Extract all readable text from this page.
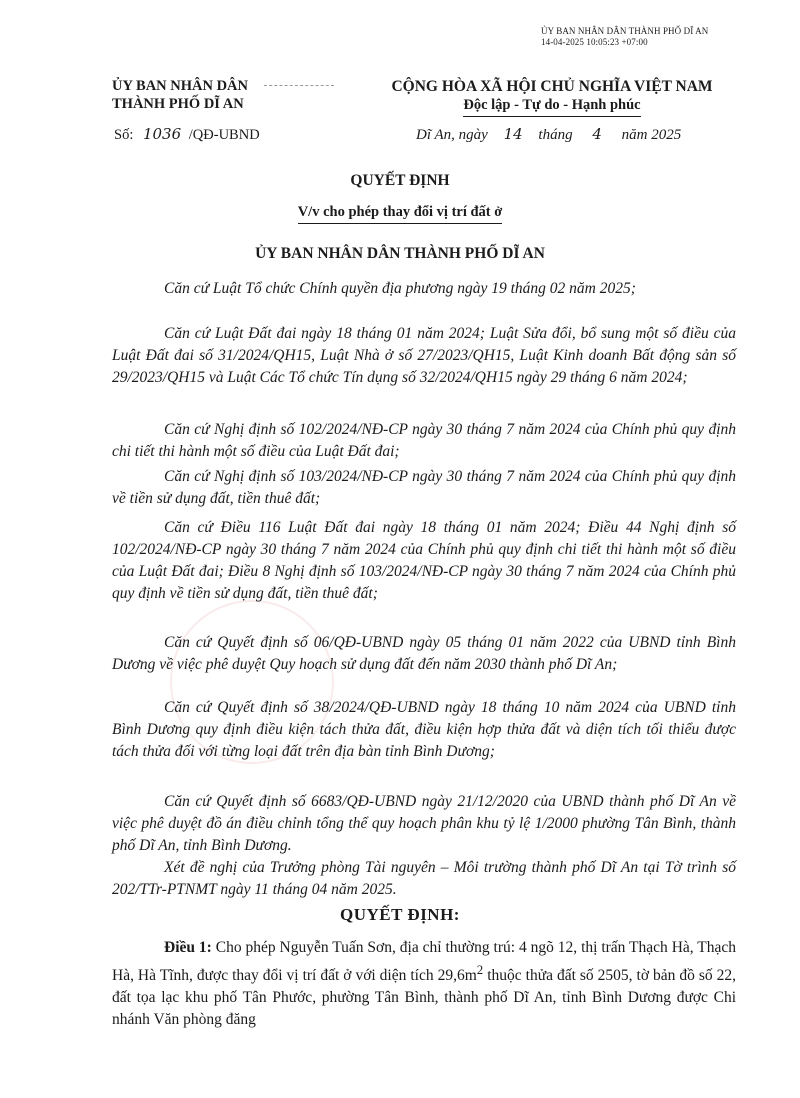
ỦY BAN NHÂN DÂN THÀNH PHỐ DĨ AN
14-04-2025 10:05:23 +07:00
ỦY BAN NHÂN DÂN
THÀNH PHỐ DĨ AN
CỘNG HÒA XÃ HỘI CHỦ NGHĨA VIỆT NAM
Độc lập - Tự do - Hạnh phúc
Số: 1036 /QĐ-UBND	Dĩ An, ngày 14 tháng 4 năm 2025
QUYẾT ĐỊNH
V/v cho phép thay đổi vị trí đất ở
ỦY BAN NHÂN DÂN THÀNH PHỐ DĨ AN
Căn cứ Luật Tổ chức Chính quyền địa phương ngày 19 tháng 02 năm 2025;
Căn cứ Luật Đất đai ngày 18 tháng 01 năm 2024; Luật Sửa đổi, bổ sung một số điều của Luật Đất đai số 31/2024/QH15, Luật Nhà ở số 27/2023/QH15, Luật Kinh doanh Bất động sản số 29/2023/QH15 và Luật Các Tổ chức Tín dụng số 32/2024/QH15 ngày 29 tháng 6 năm 2024;
Căn cứ Nghị định số 102/2024/NĐ-CP ngày 30 tháng 7 năm 2024 của Chính phủ quy định chi tiết thi hành một số điều của Luật Đất đai;
Căn cứ Nghị định số 103/2024/NĐ-CP ngày 30 tháng 7 năm 2024 của Chính phủ quy định về tiền sử dụng đất, tiền thuê đất;
Căn cứ Điều 116 Luật Đất đai ngày 18 tháng 01 năm 2024; Điều 44 Nghị định số 102/2024/NĐ-CP ngày 30 tháng 7 năm 2024 của Chính phủ quy định chi tiết thi hành một số điều của Luật Đất đai; Điều 8 Nghị định số 103/2024/NĐ-CP ngày 30 tháng 7 năm 2024 của Chính phủ quy định về tiền sử dụng đất, tiền thuê đất;
Căn cứ Quyết định số 06/QĐ-UBND ngày 05 tháng 01 năm 2022 của UBND tỉnh Bình Dương về việc phê duyệt Quy hoạch sử dụng đất đến năm 2030 thành phố Dĩ An;
Căn cứ Quyết định số 38/2024/QĐ-UBND ngày 18 tháng 10 năm 2024 của UBND tỉnh Bình Dương quy định điều kiện tách thửa đất, điều kiện hợp thửa đất và diện tích tối thiểu được tách thửa đối với từng loại đất trên địa bàn tỉnh Bình Dương;
Căn cứ Quyết định số 6683/QĐ-UBND ngày 21/12/2020 của UBND thành phố Dĩ An về việc phê duyệt đồ án điều chỉnh tổng thể quy hoạch phân khu tỷ lệ 1/2000 phường Tân Bình, thành phố Dĩ An, tỉnh Bình Dương.
Xét đề nghị của Trưởng phòng Tài nguyên – Môi trường thành phố Dĩ An tại Tờ trình số 202/TTr-PTNMT ngày 11 tháng 04 năm 2025.
QUYẾT ĐỊNH:
Điều 1: Cho phép Nguyễn Tuấn Sơn, địa chỉ thường trú: 4 ngõ 12, thị trấn Thạch Hà, Thạch Hà, Hà Tĩnh, được thay đổi vị trí đất ở với diện tích $29,6m^2$ thuộc thửa đất số 2505, tờ bản đồ số 22, đất tọa lạc khu phố Tân Phước, phường Tân Bình, thành phố Dĩ An, tỉnh Bình Dương được Chi nhánh Văn phòng đăng
